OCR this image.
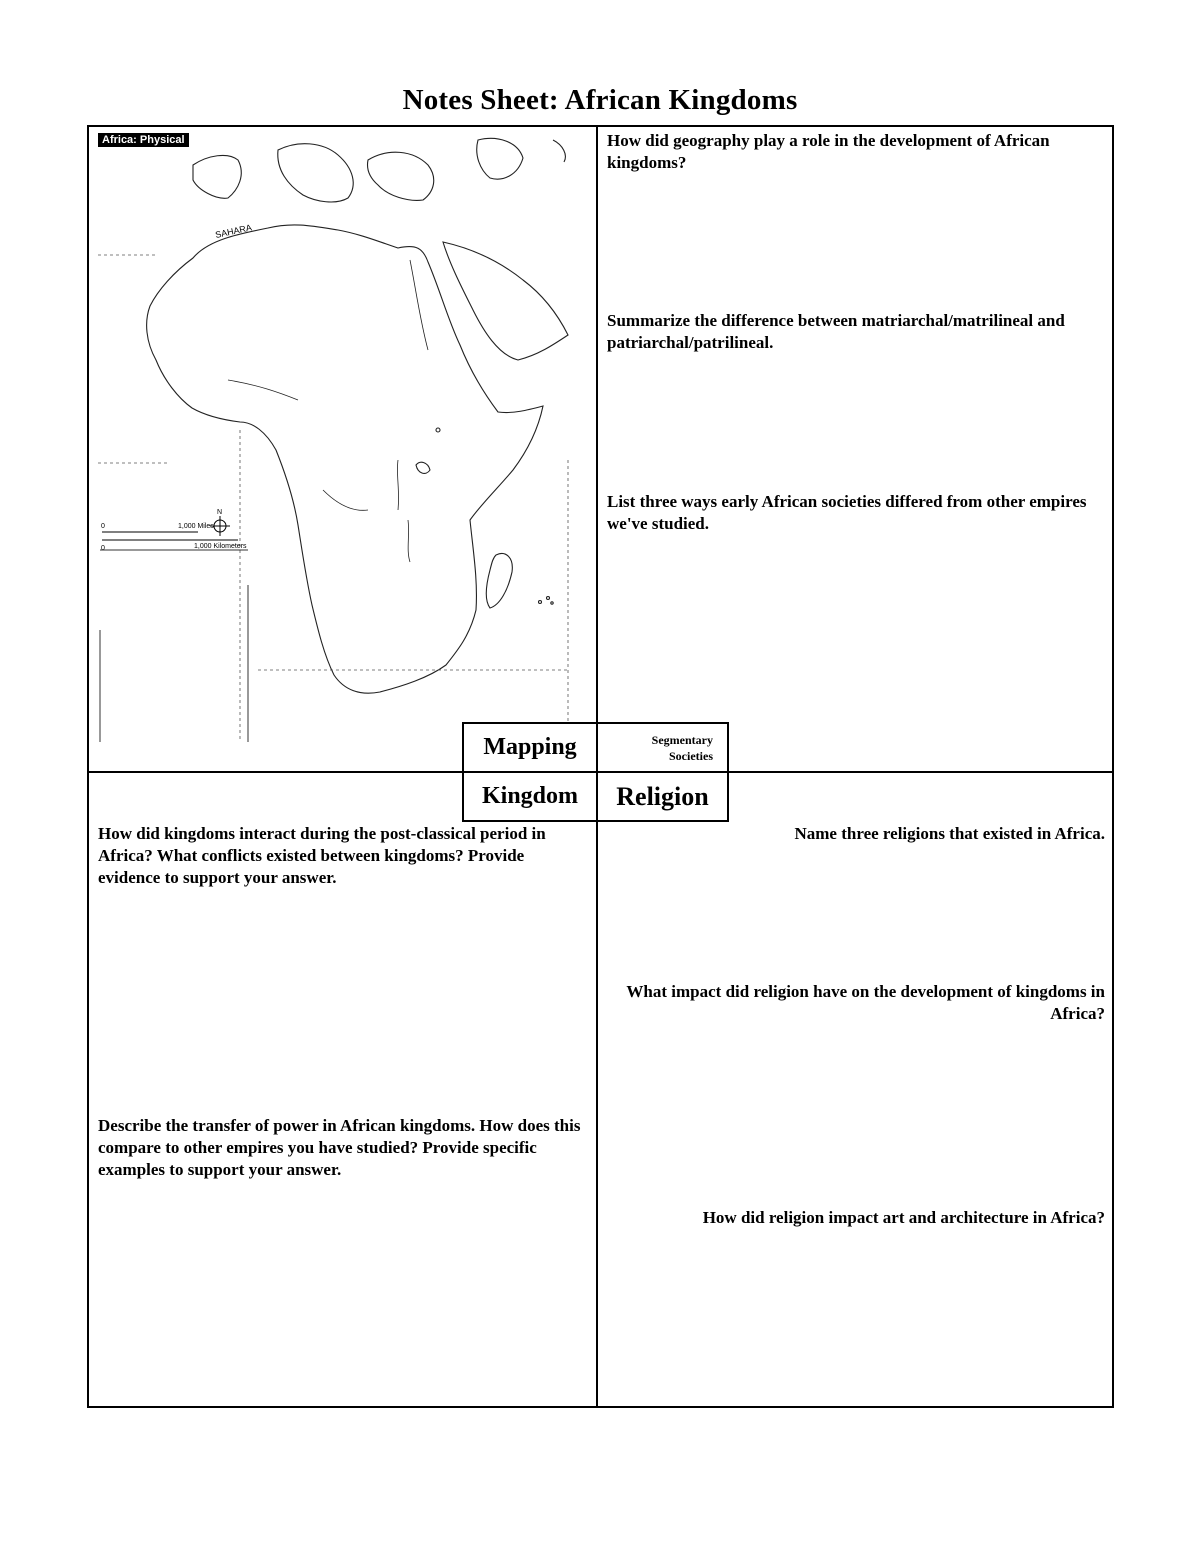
Notes Sheet: African Kingdoms
0	1,000 Miles
0	1,000 Kilometers
N
SAHARA
Africa: Physical	How did geography play a role in the development of African kingdoms?
Summarize the difference between matriarchal/matrilineal and patriarchal/patrilineal.
List three ways early African societies differed from other empires we've studied.
Mapping	Segmentary Societies
Kingdom	Religion
How did kingdoms interact during the post-classical period in Africa? What conflicts existed between kingdoms? Provide evidence to support your answer.
Describe the transfer of power in African kingdoms. How does this compare to other empires you have studied? Provide specific examples to support your answer.
Name three religions that existed in Africa.
What impact did religion have on the development of kingdoms in Africa?
How did religion impact art and architecture in Africa?
